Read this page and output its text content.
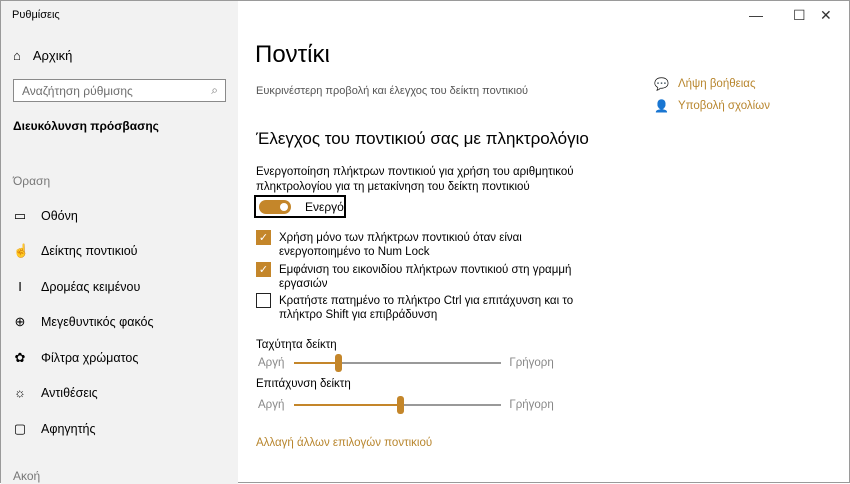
Ρυθμίσεις
⌂ Αρχική
Αναζήτηση ρύθμισης	⌕
Διευκόλυνση πρόσβασης
Όραση
▭ Οθόνη
☝ Δείκτης ποντικιού
I	Δρομέας κειμένου
⊕ Μεγεθυντικός φακός
✿ Φίλτρα χρώματος
☼ Αντιθέσεις
▢ Αφηγητής
Ακοή
— ☐ ✕
Ποντίκι
Ευκρινέστερη προβολή και έλεγχος του δείκτη ποντικιού
Έλεγχος του ποντικιού σας με πληκτρολόγιο
Ενεργοποίηση πλήκτρων ποντικιού για χρήση του αριθμητικού πληκτρολογίου για τη μετακίνηση του δείκτη ποντικιού
Ενεργό
✓ Χρήση μόνο των πλήκτρων ποντικιού όταν είναι ενεργοποιημένο το Num Lock
✓ Εμφάνιση του εικονιδίου πλήκτρων ποντικιού στη γραμμή εργασιών
Κρατήστε πατημένο το πλήκτρο Ctrl για επιτάχυνση και το πλήκτρο Shift για επιβράδυνση
Ταχύτητα δείκτη
Αργή	Γρήγορη
Επιτάχυνση δείκτη
Αργή	Γρήγορη
Αλλαγή άλλων επιλογών ποντικιού
💬 Λήψη βοήθειας
👤 Υποβολή σχολίων
